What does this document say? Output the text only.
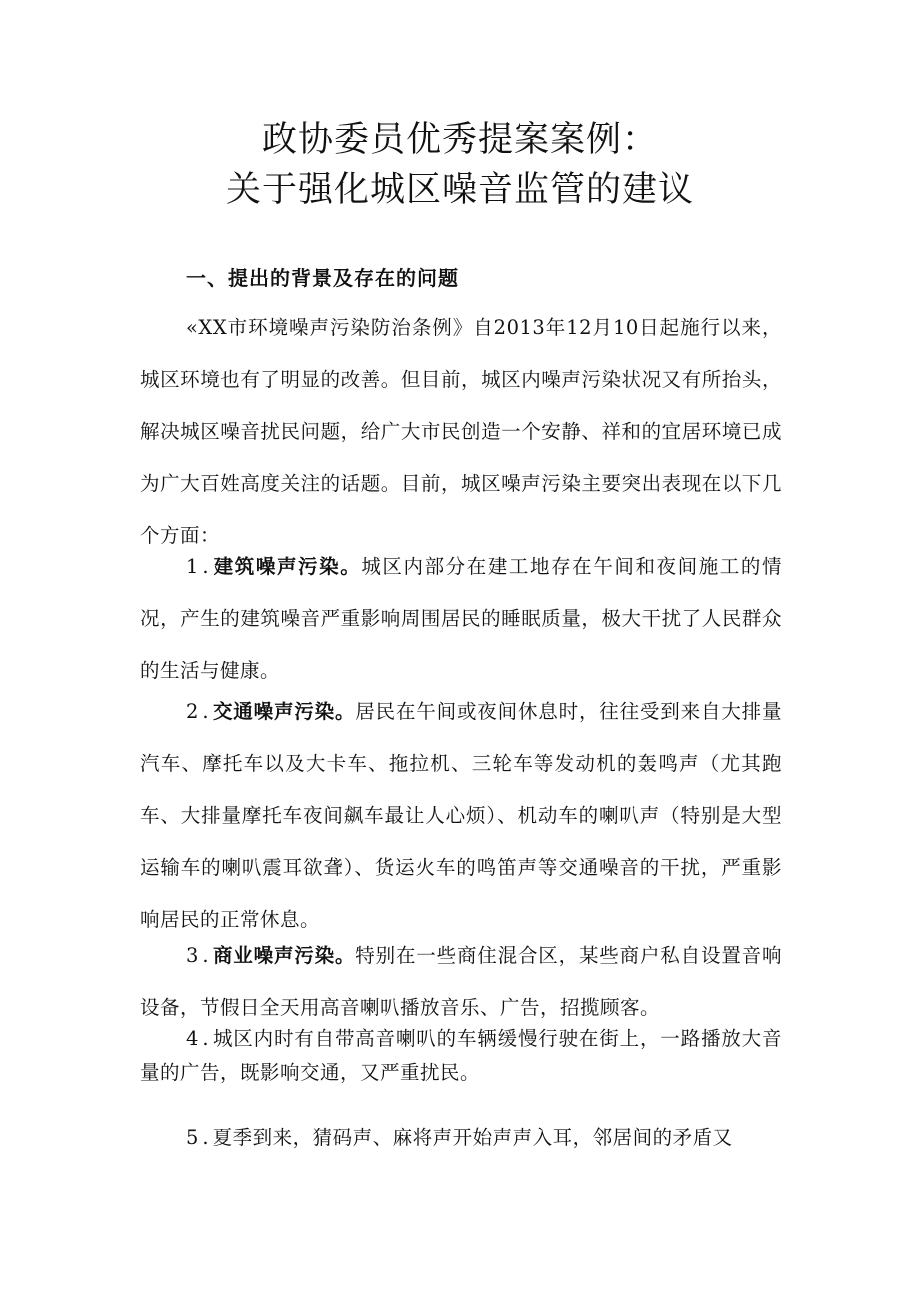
政协委员优秀提案案例：
关于强化城区噪音监管的建议
一、提出的背景及存在的问题

«XX市环境噪声污染防治条例》自2013年12月10日起施行以来，城区环境也有了明显的改善。但目前，城区内噪声污染状况又有所抬头，解决城区噪音扰民问题，给广大市民创造一个安静、祥和的宜居环境已成为广大百姓高度关注的话题。目前，城区噪声污染主要突出表现在以下几个方面：

1.建筑噪声污染。城区内部分在建工地存在午间和夜间施工的情况，产生的建筑噪音严重影响周围居民的睡眠质量，极大干扰了人民群众的生活与健康。

2.交通噪声污染。居民在午间或夜间休息时，往往受到来自大排量汽车、摩托车以及大卡车、拖拉机、三轮车等发动机的轰鸣声（尤其跑车、大排量摩托车夜间飙车最让人心烦）、机动车的喇叭声（特别是大型运输车的喇叭震耳欲聋）、货运火车的鸣笛声等交通噪音的干扰，严重影响居民的正常休息。

3.商业噪声污染。特别在一些商住混合区，某些商户私自设置音响设备，节假日全天用高音喇叭播放音乐、广告，招揽顾客。

4.城区内时有自带高音喇叭的车辆缓慢行驶在街上，一路播放大音量的广告，既影响交通，又严重扰民。

5.夏季到来，猜码声、麻将声开始声声入耳，邻居间的矛盾又
